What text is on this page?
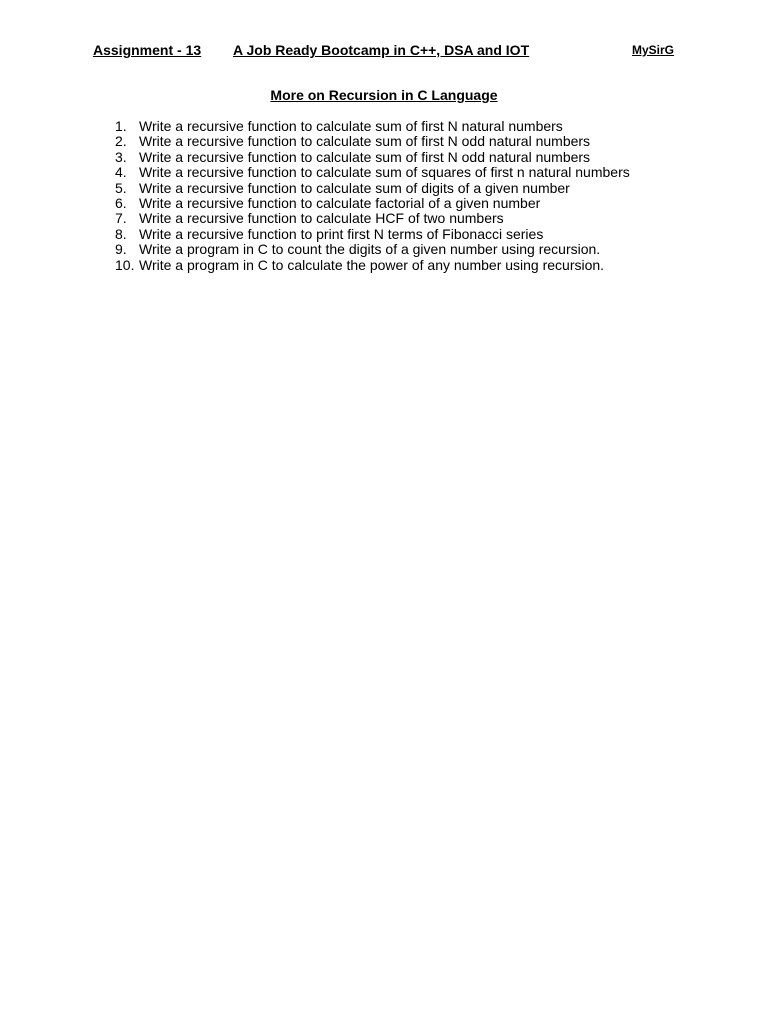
Assignment - 13 A Job Ready Bootcamp in C++, DSA and IOT	MySirG
More on Recursion in C Language
1. Write a recursive function to calculate sum of first N natural numbers
2. Write a recursive function to calculate sum of first N odd natural numbers
3. Write a recursive function to calculate sum of first N odd natural numbers
4. Write a recursive function to calculate sum of squares of first n natural numbers
5. Write a recursive function to calculate sum of digits of a given number
6. Write a recursive function to calculate factorial of a given number
7. Write a recursive function to calculate HCF of two numbers
8. Write a recursive function to print first N terms of Fibonacci series
9. Write a program in C to count the digits of a given number using recursion.
10. Write a program in C to calculate the power of any number using recursion.
